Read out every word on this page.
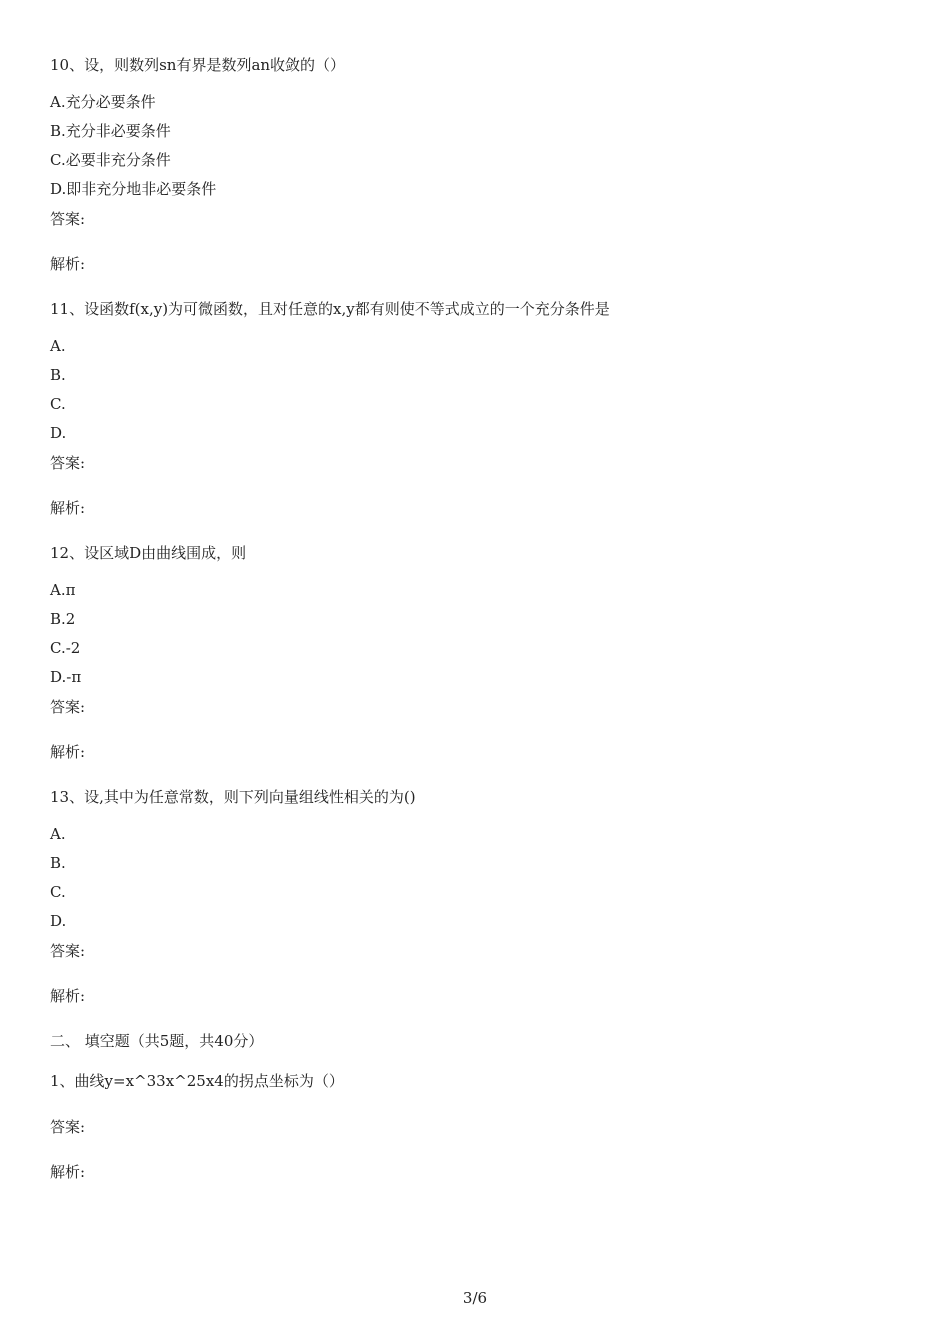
10、设，则数列sn有界是数列an收敛的（）
A.充分必要条件
B.充分非必要条件
C.必要非充分条件
D.即非充分地非必要条件
答案:
解析:
11、设函数f(x,y)为可微函数，且对任意的x,y都有则使不等式成立的一个充分条件是
A.
B.
C.
D.
答案:
解析:
12、设区域D由曲线围成，则
A.π
B.2
C.-2
D.-π
答案:
解析:
13、设,其中为任意常数，则下列向量组线性相关的为()
A.
B.
C.
D.
答案:
解析:
二、 填空题（共5题，共40分）
1、曲线y=x^33x^25x4的拐点坐标为（）
答案:
解析:
3/6
